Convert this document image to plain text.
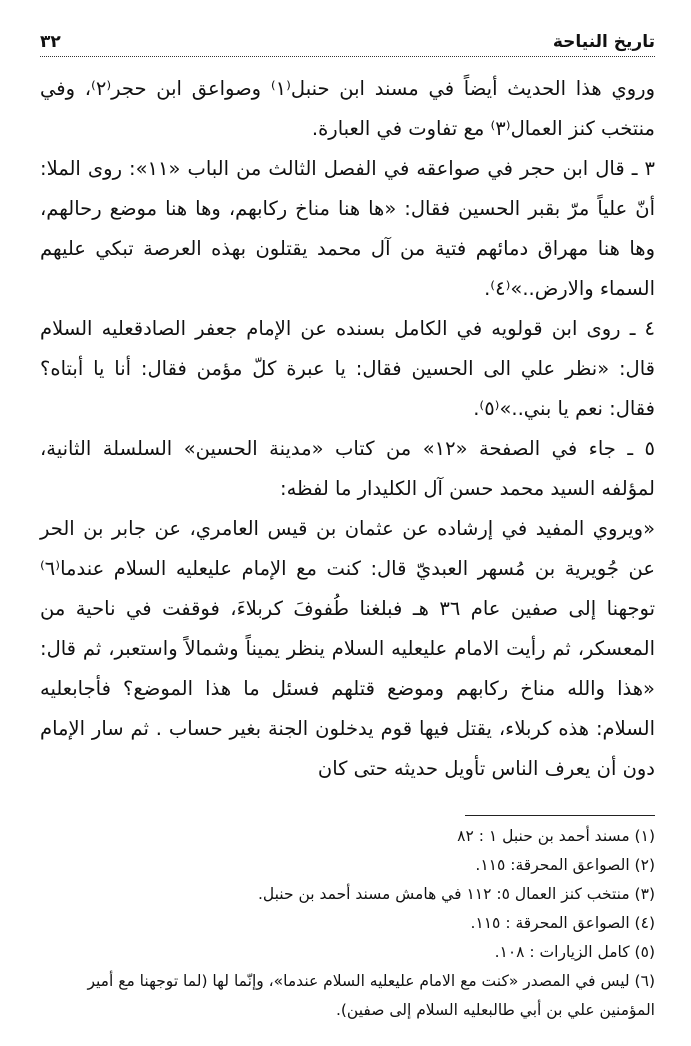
تاريخ النياحة
٣٢

وروي هذا الحديث أيضاً في مسند ابن حنبل⁽١⁾ وصواعق ابن حجر⁽٢⁾، وفي منتخب كنز العمال⁽٣⁾ مع تفاوت في العبارة.

٣ ـ قال ابن حجر في صواعقه في الفصل الثالث من الباب «١١»: روى الملا: أنّ علياً مرّ بقبر الحسين فقال: «ها هنا مناخ ركابهم، وها هنا موضع رحالهم، وها هنا مهراق دمائهم فتية من آل محمد يقتلون بهذه العرصة تبكي عليهم السماء والارض..»⁽٤⁾.

٤ ـ روى ابن قولويه في الكامل بسنده عن الإمام جعفر الصادقعليه السلام قال: «نظر علي الى الحسين فقال: يا عبرة كلّ مؤمن فقال: أنا يا أبتاه؟ فقال: نعم يا بني..»⁽٥⁾.

٥ ـ جاء في الصفحة «١٢» من كتاب «مدينة الحسين» السلسلة الثانية، لمؤلفه السيد محمد حسن آل الكليدار ما لفظه:

«ويروي المفيد في إرشاده عن عثمان بن قيس العامري، عن جابر بن الحر عن جُويرية بن مُسهر العبديّ قال: كنت مع الإمام عليعليه السلام عندما⁽٦⁾ توجهنا إلى صفين عام ٣٦ هـ فبلغنا طُفوفَ كربلاءَ، فوقفت في ناحية من المعسكر، ثم رأيت الامام عليعليه السلام ينظر يميناً وشمالاً واستعبر، ثم قال: «هذا والله مناخ ركابهم وموضع قتلهم فسئل ما هذا الموضع؟ فأجابعليه السلام: هذه كربلاء، يقتل فيها قوم يدخلون الجنة بغير حساب . ثم سار الإمام دون أن يعرف الناس تأويل حديثه حتى كان

(١) مسند أحمد بن حنبل ١ : ٨٢

(٢) الصواعق المحرقة: ١١٥.

(٣) منتخب كنز العمال ٥: ١١٢ في هامش مسند أحمد بن حنبل.

(٤) الصواعق المحرقة : ١١٥.

(٥) كامل الزيارات : ١٠٨.

(٦) ليس في المصدر «كنت مع الامام عليعليه السلام عندما»، وإنّما لها (لما توجهنا مع أمير المؤمنين علي بن أبي طالبعليه السلام إلى صفين).
